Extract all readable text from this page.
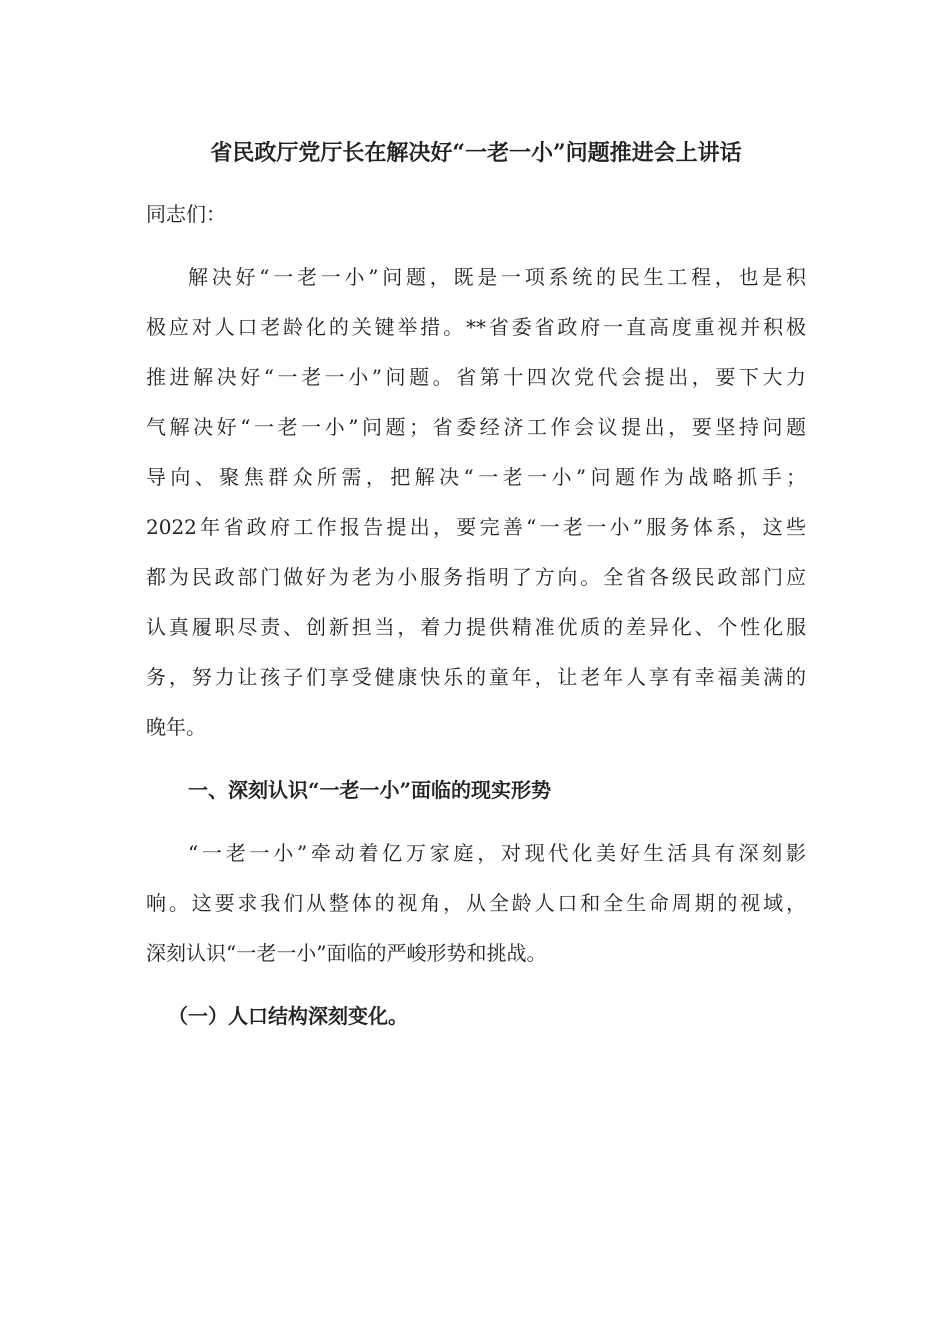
省民政厅党厅长在解决好“一老一小”问题推进会上讲话
同志们：
解决好“一老一小”问题，既是一项系统的民生工程，也是积
极应对人口老龄化的关键举措。**省委省政府一直高度重视并积极
推进解决好“一老一小”问题。省第十四次党代会提出，要下大力
气解决好“一老一小”问题；省委经济工作会议提出，要坚持问题
导向、聚焦群众所需，把解决“一老一小”问题作为战略抓手；
2022年省政府工作报告提出，要完善“一老一小”服务体系，这些
都为民政部门做好为老为小服务指明了方向。全省各级民政部门应
认真履职尽责、创新担当，着力提供精准优质的差异化、个性化服
务，努力让孩子们享受健康快乐的童年，让老年人享有幸福美满的
晚年。
一、深刻认识“一老一小”面临的现实形势
“一老一小”牵动着亿万家庭，对现代化美好生活具有深刻影
响。这要求我们从整体的视角，从全龄人口和全生命周期的视域，
深刻认识“一老一小”面临的严峻形势和挑战。
（一）人口结构深刻变化。
